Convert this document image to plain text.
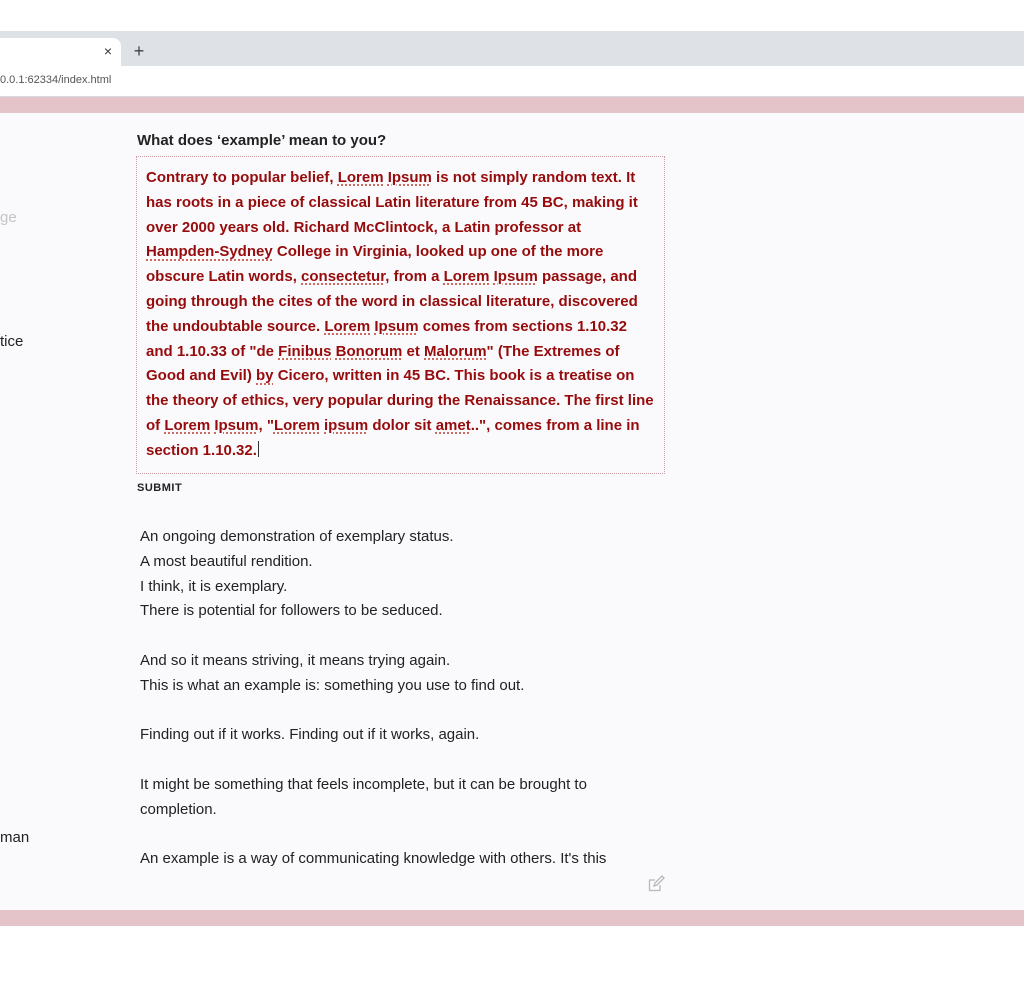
× +
0.0.1:62334/index.html
ge
tice
man
What does ‘example’ mean to you?
Contrary to popular belief, Lorem Ipsum is not simply random text. It has roots in a piece of classical Latin literature from 45 BC, making it over 2000 years old. Richard McClintock, a Latin professor at Hampden-Sydney College in Virginia, looked up one of the more obscure Latin words, consectetur, from a Lorem Ipsum passage, and going through the cites of the word in classical literature, discovered the undoubtable source. Lorem Ipsum comes from sections 1.10.32 and 1.10.33 of "de Finibus Bonorum et Malorum" (The Extremes of Good and Evil) by Cicero, written in 45 BC. This book is a treatise on the theory of ethics, very popular during the Renaissance. The first line of Lorem Ipsum, "Lorem ipsum dolor sit amet..", comes from a line in section 1.10.32.
SUBMIT
An ongoing demonstration of exemplary status.
A most beautiful rendition.
I think, it is exemplary.
There is potential for followers to be seduced.
And so it means striving, it means trying again.
This is what an example is: something you use to find out.
Finding out if it works. Finding out if it works, again.
It might be something that feels incomplete, but it can be brought to completion.
An example is a way of communicating knowledge with others. It's this
